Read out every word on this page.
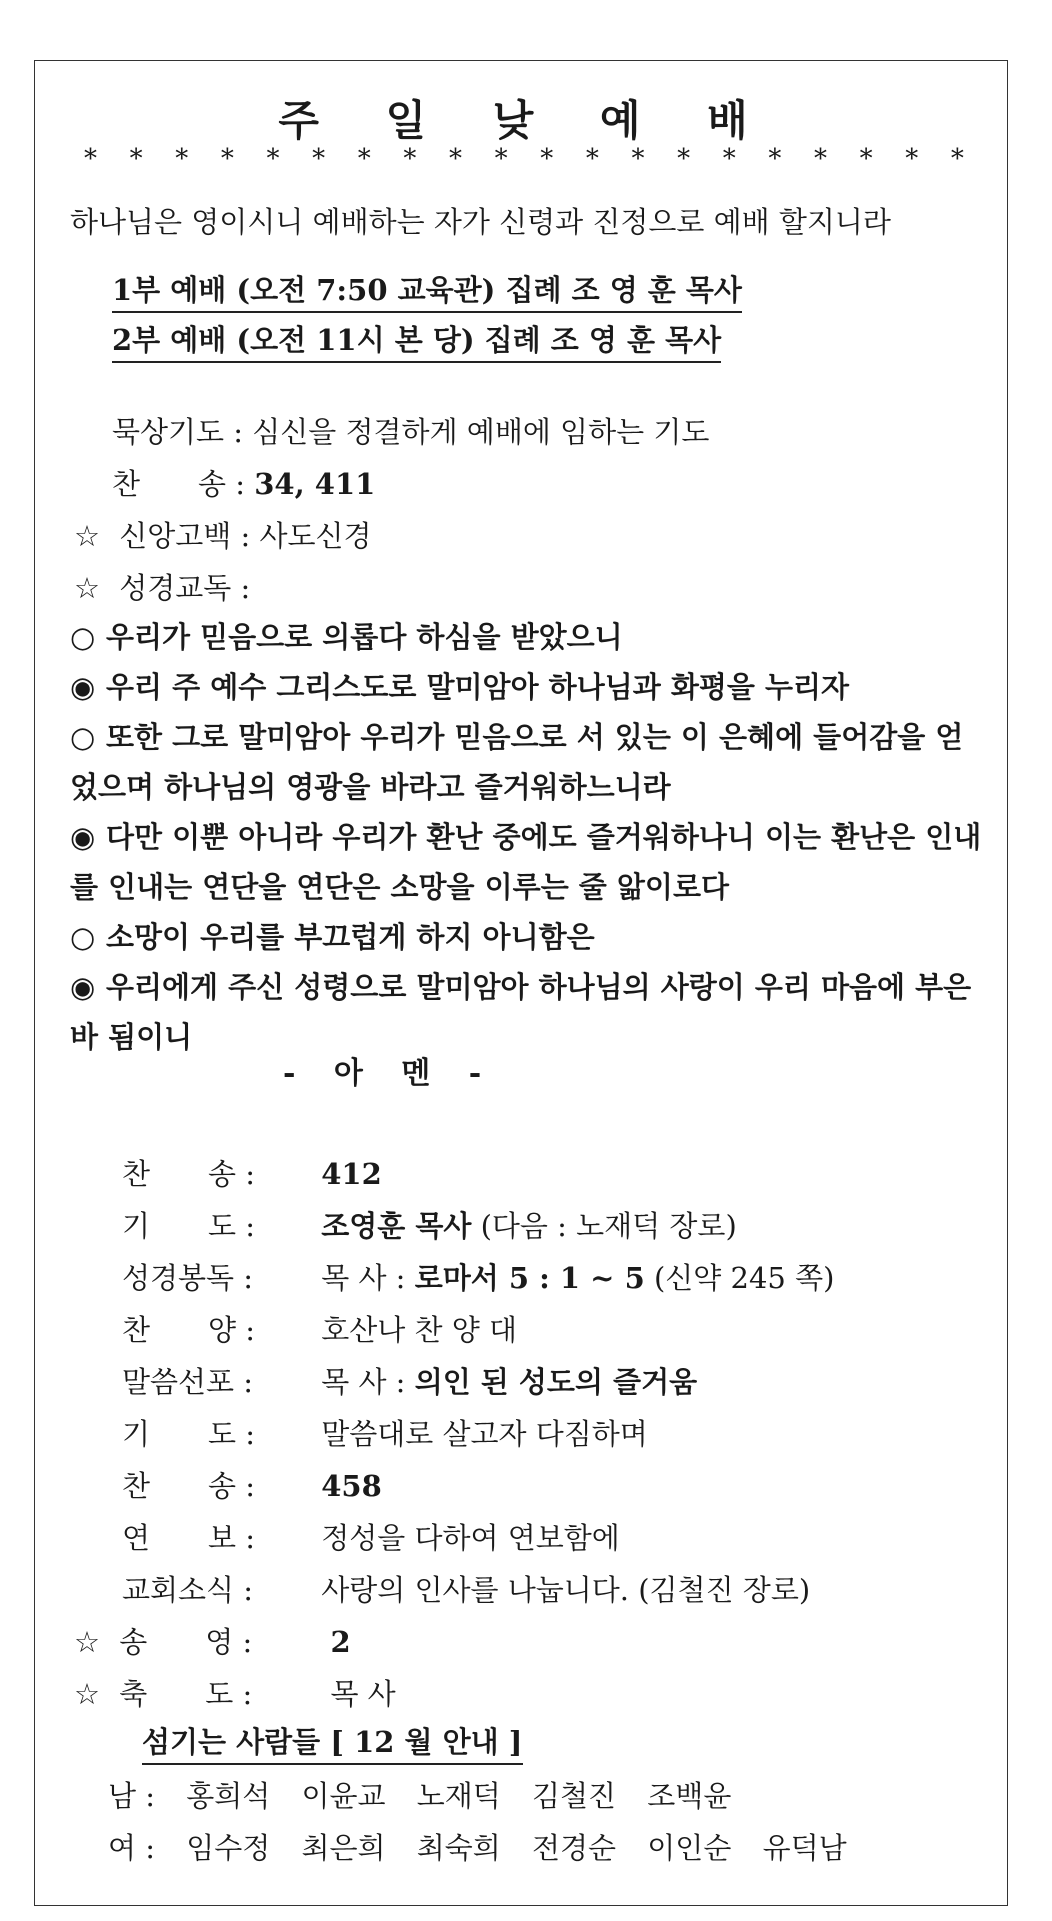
주 일 낮 예 배
* * * * * * * * * * * * * * * * * * * *
하나님은 영이시니 예배하는 자가 신령과 진정으로 예배 할지니라
1부 예배 (오전 7:50 교육관) 집례 조 영 훈 목사
2부 예배 (오전 11시 본 당) 집례 조 영 훈 목사
묵상기도 : 심신을 정결하게 예배에 임하는 기도
찬　　송 : 34, 411
☆ 신앙고백 : 사도신경
☆ 성경교독 :
○ 우리가 믿음으로 의롭다 하심을 받았으니
◉ 우리 주 예수 그리스도로 말미암아 하나님과 화평을 누리자
○ 또한 그로 말미암아 우리가 믿음으로 서 있는 이 은혜에 들어감을 얻었으며 하나님의 영광을 바라고 즐거워하느니라
◉ 다만 이뿐 아니라 우리가 환난 중에도 즐거워하나니 이는 환난은 인내를 인내는 연단을 연단은 소망을 이루는 줄 앎이로다
○ 소망이 우리를 부끄럽게 하지 아니함은
◉ 우리에게 주신 성령으로 말미암아 하나님의 사랑이 우리 마음에 부은 바 됨이니
- 아 멘 -
찬　　송 : 412
기　　도 : 조영훈 목사 (다음 : 노재덕 장로)
성경봉독 : 목 사 : 로마서 5 : 1 ~ 5 (신약 245 쪽)
찬　　양 : 호산나 찬 양 대
말씀선포 : 목 사 : 의인 된 성도의 즐거움
기　　도 : 말씀대로 살고자 다짐하며
찬　　송 : 458
연　　보 : 정성을 다하여 연보함에
교회소식 : 사랑의 인사를 나눕니다. (김철진 장로)
☆ 송　　영 :	2
☆ 축　　도 :	목 사
섬기는 사람들 [ 12 월 안내 ]
남 : 홍희석 이윤교 노재덕 김철진 조백윤
여 : 임수정 최은희 최숙희 전경순 이인순 유덕남
